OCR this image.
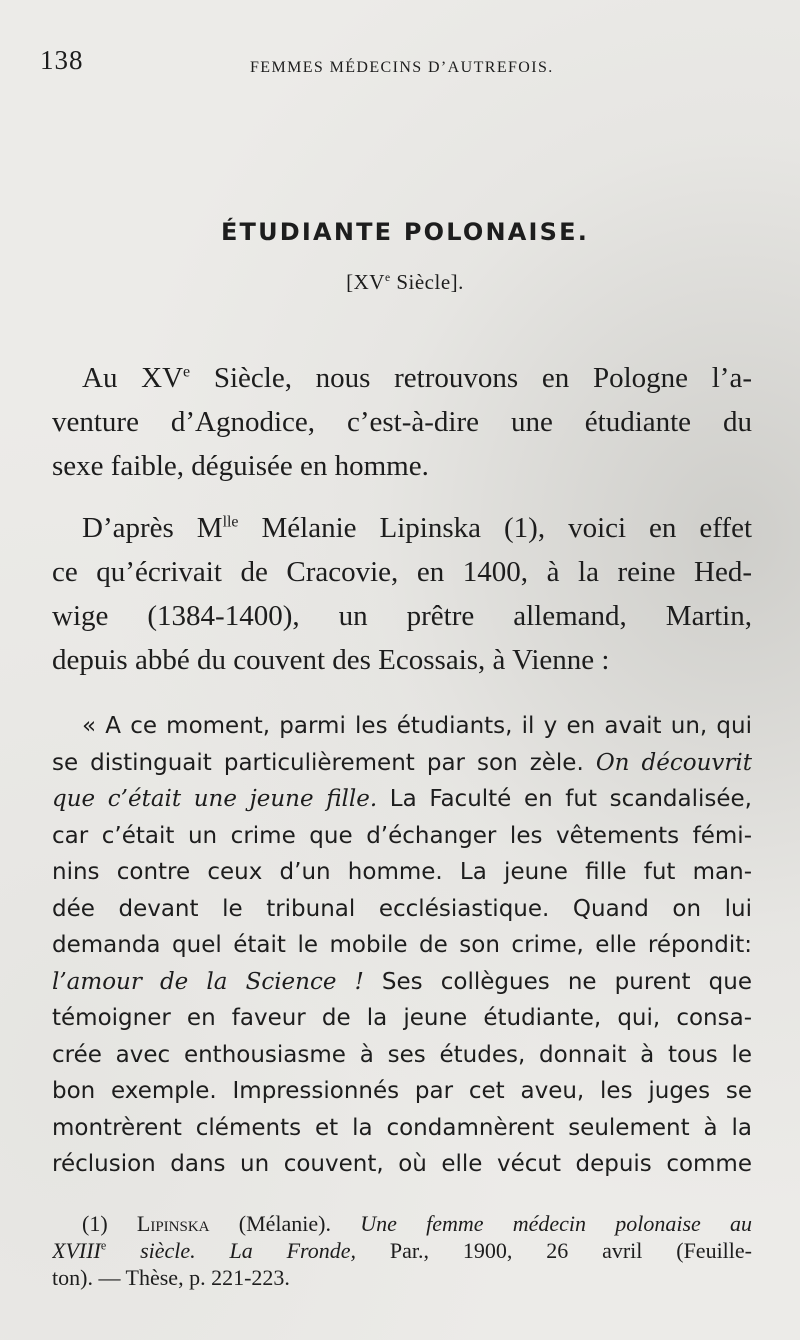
138	FEMMES MÉDECINS D’AUTREFOIS.
ÉTUDIANTE POLONAISE.
[XVe Siècle].
Au XVe Siècle, nous retrouvons en Pologne l’a-
venture d’Agnodice, c’est-à-dire une étudiante du
sexe faible, déguisée en homme.
D’après $M^{lle}$ Mélanie Lipinska (1), voici en effet
ce qu’écrivait de Cracovie, en 1400, à la reine Hed-
wige (1384-1400), un prêtre allemand, Martin,
depuis abbé du couvent des Ecossais, à Vienne :
« A ce moment, parmi les étudiants, il y en avait un, qui
se distinguait particulièrement par son zèle. On découvrit
que c’était une jeune fille. La Faculté en fut scandalisée,
car c’était un crime que d’échanger les vêtements fémi-
nins contre ceux d’un homme. La jeune fille fut man-
dée devant le tribunal ecclésiastique. Quand on lui
demanda quel était le mobile de son crime, elle répondit:
l’amour de la Science ! Ses collègues ne purent que
témoigner en faveur de la jeune étudiante, qui, consa-
crée avec enthousiasme à ses études, donnait à tous le
bon exemple. Impressionnés par cet aveu, les juges se
montrèrent cléments et la condamnèrent seulement à la
réclusion dans un couvent, où elle vécut depuis comme
(1) Lipinska (Mélanie). Une femme médecin polonaise au
XVIIIe siècle. La Fronde, Par., 1900, 26 avril (Feuille-
ton). — Thèse, p. 221-223.
